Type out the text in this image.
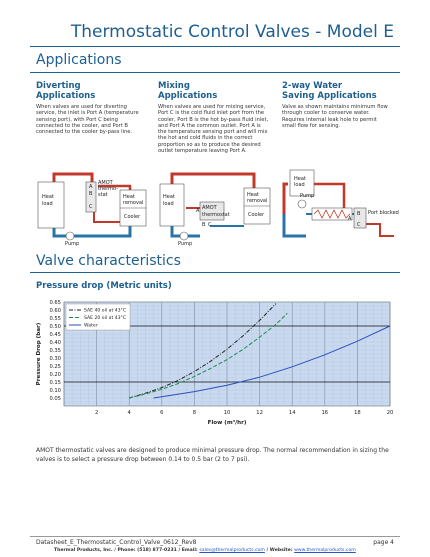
Thermostatic Control Valves - Model E
Applications
Diverting
Applications
When valves are used for diverting service, the inlet is Port A (temperature sensing port), with Port C being connected to the cooler, and Port B connected to the cooler by-pass line.
Mixing
Applications
When valves are used for mixing service, Port C is the cold fluid inlet port from the cooler, Port B is the hot by-pass fluid inlet, and Port A the common outlet. Port A is the temperature sensing port and will mix the hot and cold fluids in the correct proportion so as to produce the desired outlet temperature leaving Port A.
2-way Water
Saving Applications
Valve as shown maintains minimum flow through cooler to conserve water. Requires internal leak hole to permit small flow for sensing.
Heat
load
A
B
C
AMOT
thermo-
stat	Heat
removal
Cooler
Pump
Heat
load
AMOT
thermostat
B C
A
Heat
removal
Cooler
Pump
Heat
load
Pump
B
A
C
Port blocked
Valve characteristics
Pressure drop (Metric units)
0.05
0.10
0.15
0.20
0.25
0.30
0.35
0.40
0.45
0.50
0.55
0.60
0.65
2	4	6	8	10	12	14	16	18	20
Flow (m³/hr)
Pressure Drop (bar)
SAE 40 oil at 43°C
SAE 20 oil at 43°C
Water
AMOT thermostatic valves are designed to produce minimal pressure drop. The normal recommendation in sizing the valves is to select a pressure drop between 0.14 to 0.5 bar (2 to 7 psi).
Datasheet_E_Thermostatic_Control_Valve_0612_Rev8	page 4
Thermal Products, Inc. / Phone: (518) 877-0231 / Email: sales@thermalproducts.com / Website: www.thermalproducts.com
